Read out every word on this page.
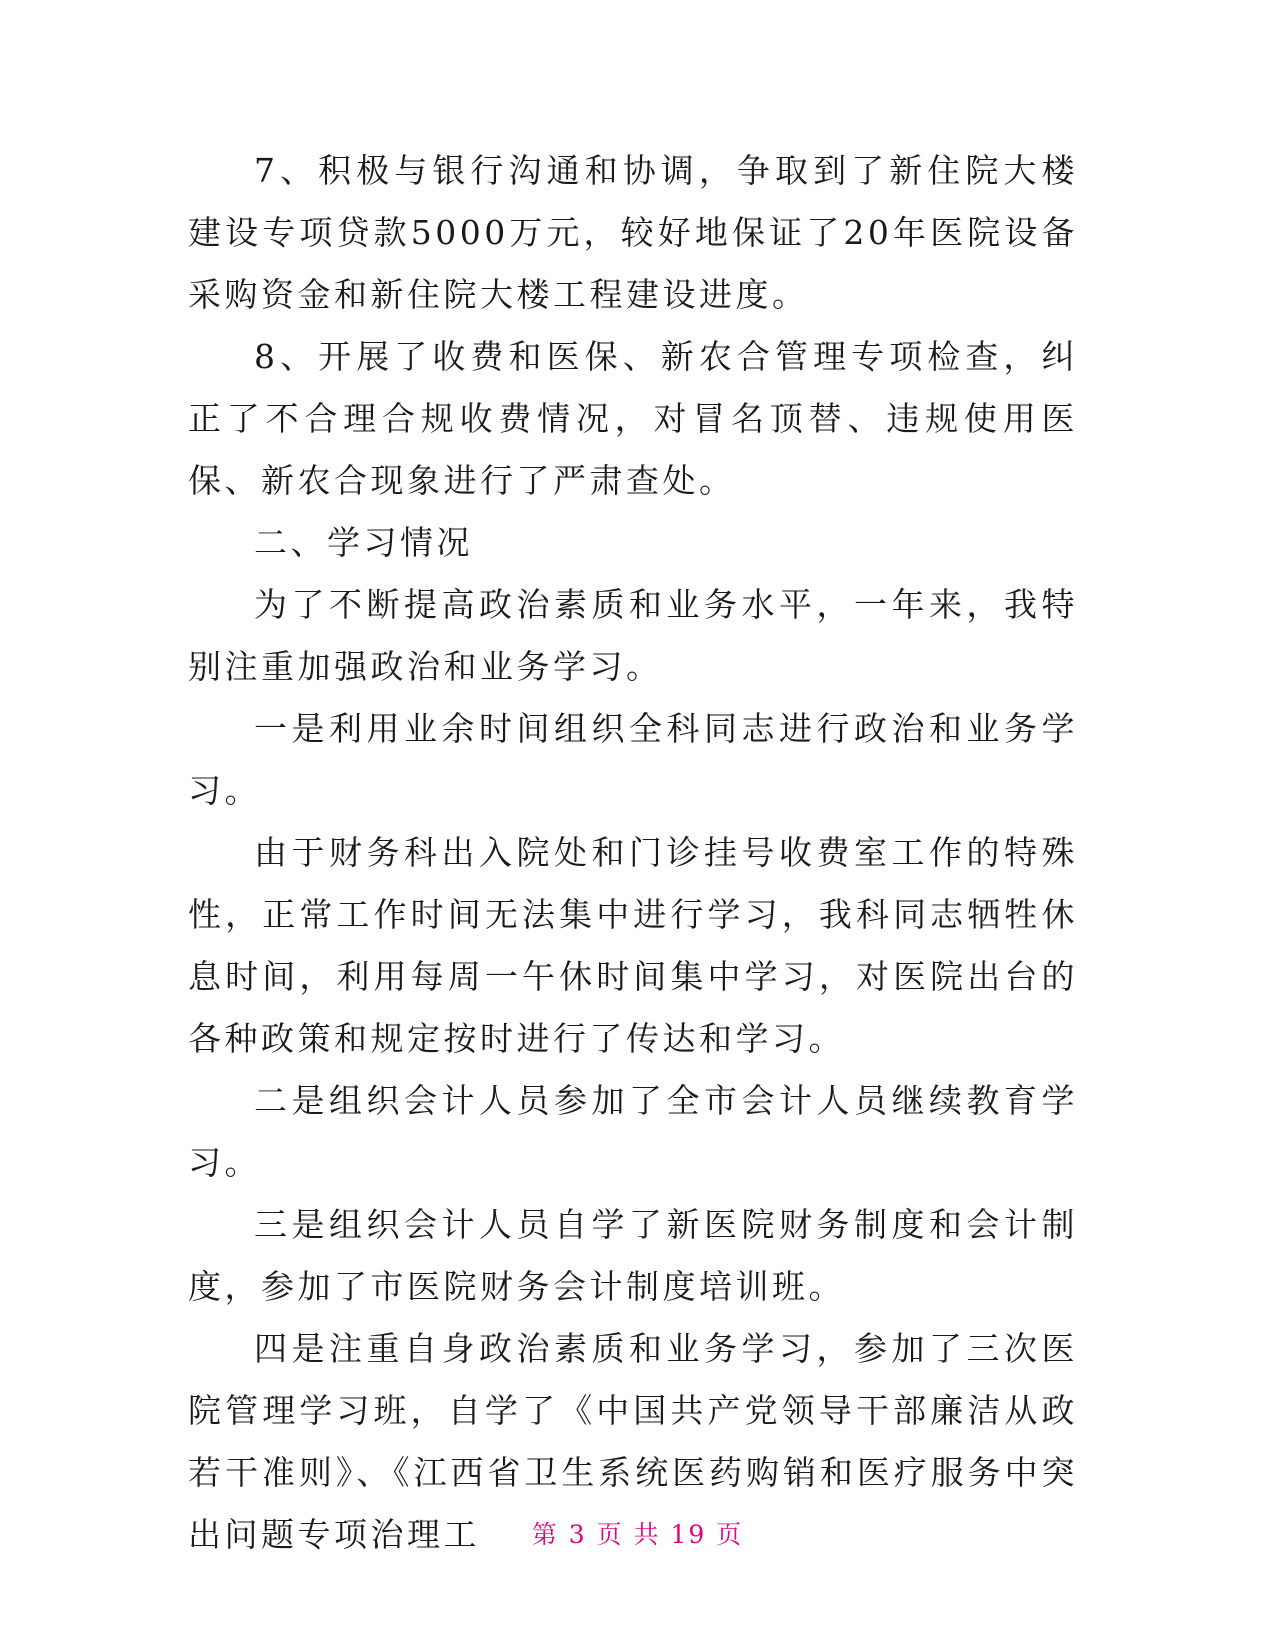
7、积极与银行沟通和协调，争取到了新住院大楼建设专项贷款5000万元，较好地保证了20年医院设备采购资金和新住院大楼工程建设进度。

8、开展了收费和医保、新农合管理专项检查，纠正了不合理合规收费情况，对冒名顶替、违规使用医保、新农合现象进行了严肃查处。

二、学习情况

为了不断提高政治素质和业务水平，一年来，我特别注重加强政治和业务学习。

一是利用业余时间组织全科同志进行政治和业务学习。

由于财务科出入院处和门诊挂号收费室工作的特殊性，正常工作时间无法集中进行学习，我科同志牺牲休息时间，利用每周一午休时间集中学习，对医院出台的各种政策和规定按时进行了传达和学习。

二是组织会计人员参加了全市会计人员继续教育学习。

三是组织会计人员自学了新医院财务制度和会计制度，参加了市医院财务会计制度培训班。

四是注重自身政治素质和业务学习，参加了三次医院管理学习班，自学了《中国共产党领导干部廉洁从政若干准则》、《江西省卫生系统医药购销和医疗服务中突出问题专项治理工	第 3 页 共 19 页
